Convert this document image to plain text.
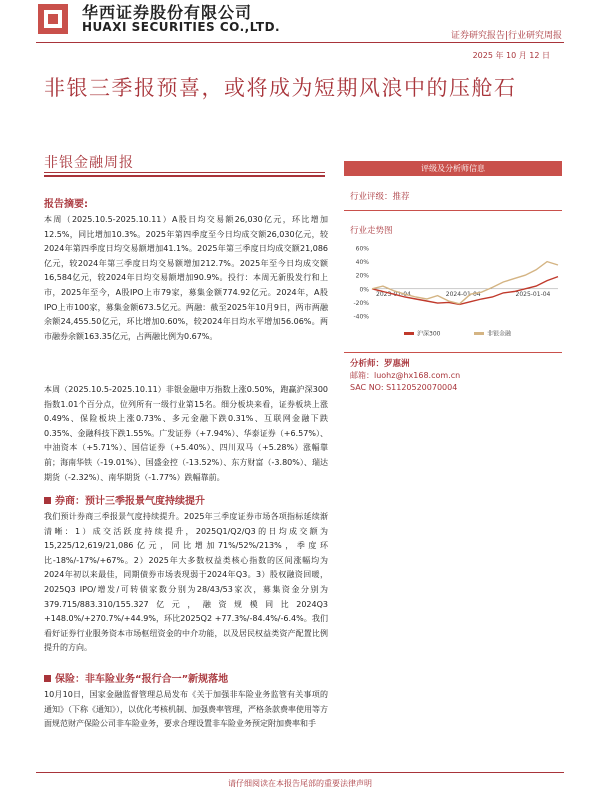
华西证券股份有限公司
HUAXI SECURITIES CO.,LTD.
证券研究报告|行业研究周报
2025 年 10 月 12 日
非银三季报预喜，或将成为短期风浪中的压舱石
非银金融周报
报告摘要:
本周（2025.10.5-2025.10.11）A股日均交易额26,030亿元，环比增加12.5%，同比增加10.3%。2025年第四季度至今日均成交额26,030亿元，较2024年第四季度日均交易额增加41.1%。2025年第三季度日均成交额21,086亿元，较2024年第三季度日均交易额增加212.7%。2025年至今日均成交额16,584亿元，较2024年日均交易额增加90.9%。投行：本周无新股发行和上市，2025年至今，A股IPO上市79家，募集金额774.92亿元。2024年，A股IPO上市100家，募集金额673.5亿元。两融：截至2025年10月9日，两市两融余额24,455.50亿元，环比增加0.60%，较2024年日均水平增加56.06%。两市融券余额163.35亿元，占两融比例为0.67%。
本周（2025.10.5-2025.10.11）非银金融申万指数上涨0.50%，跑赢沪深300指数1.01个百分点，位列所有一级行业第15名。细分板块来看，证券板块上涨0.49%、保险板块上涨0.73%、多元金融下跌0.31%、互联网金融下跌0.35%、金融科技下跌1.55%。广发证券（+7.94%）、华泰证券（+6.57%）、中油资本（+5.71%）、国信证券（+5.40%）、四川双马（+5.28%）涨幅靠前；海南华铁（-19.01%）、国盛金控（-13.52%）、东方财富（-3.80%）、瑞达期货（-2.32%）、南华期货（-1.77%）跌幅靠前。
券商：预计三季报景气度持续提升
我们预计券商三季报景气度持续提升。2025年三季度证券市场各项指标延续渐清晰：1）成交活跃度持续提升，2025Q1/Q2/Q3的日均成交额为15,225/12,619/21,086亿元，同比增加71%/52%/213%，季度环比-18%/-17%/+67%。2）2025年大多数权益类核心指数的区间涨幅均为2024年初以来最佳，同期债券市场表现弱于2024年Q3。3）股权融资回暖，2025Q3 IPO/增发/可转债家数分别为28/43/53家次，募集资金分别为379.715/883.310/155.327亿元，融资规模同比2024Q3 +148.0%/+270.7%/+44.9%，环比2025Q2 +77.3%/-84.4%/-6.4%。我们看好证券行业服务资本市场枢纽资金的中介功能，以及居民权益类资产配置比例提升的方向。
保险：非车险业务“报行合一”新规落地
10月10日，国家金融监督管理总局发布《关于加强非车险业务监管有关事项的通知》（下称《通知》），以优化考核机制、加强费率管理，严格条款费率使用等方面规范财产保险公司非车险业务，要求合理设置非车险业务预定附加费率和手
评级及分析师信息
行业评级：推荐
行业走势图
60%
40%
20%
0%
-20%
-40%
2023-01-04	2024-01-04	2025-01-04
沪深300	非银金融
分析师：罗惠洲
邮箱：luohz@hx168.com.cn
SAC NO: S1120520070004
请仔细阅读在本报告尾部的重要法律声明
